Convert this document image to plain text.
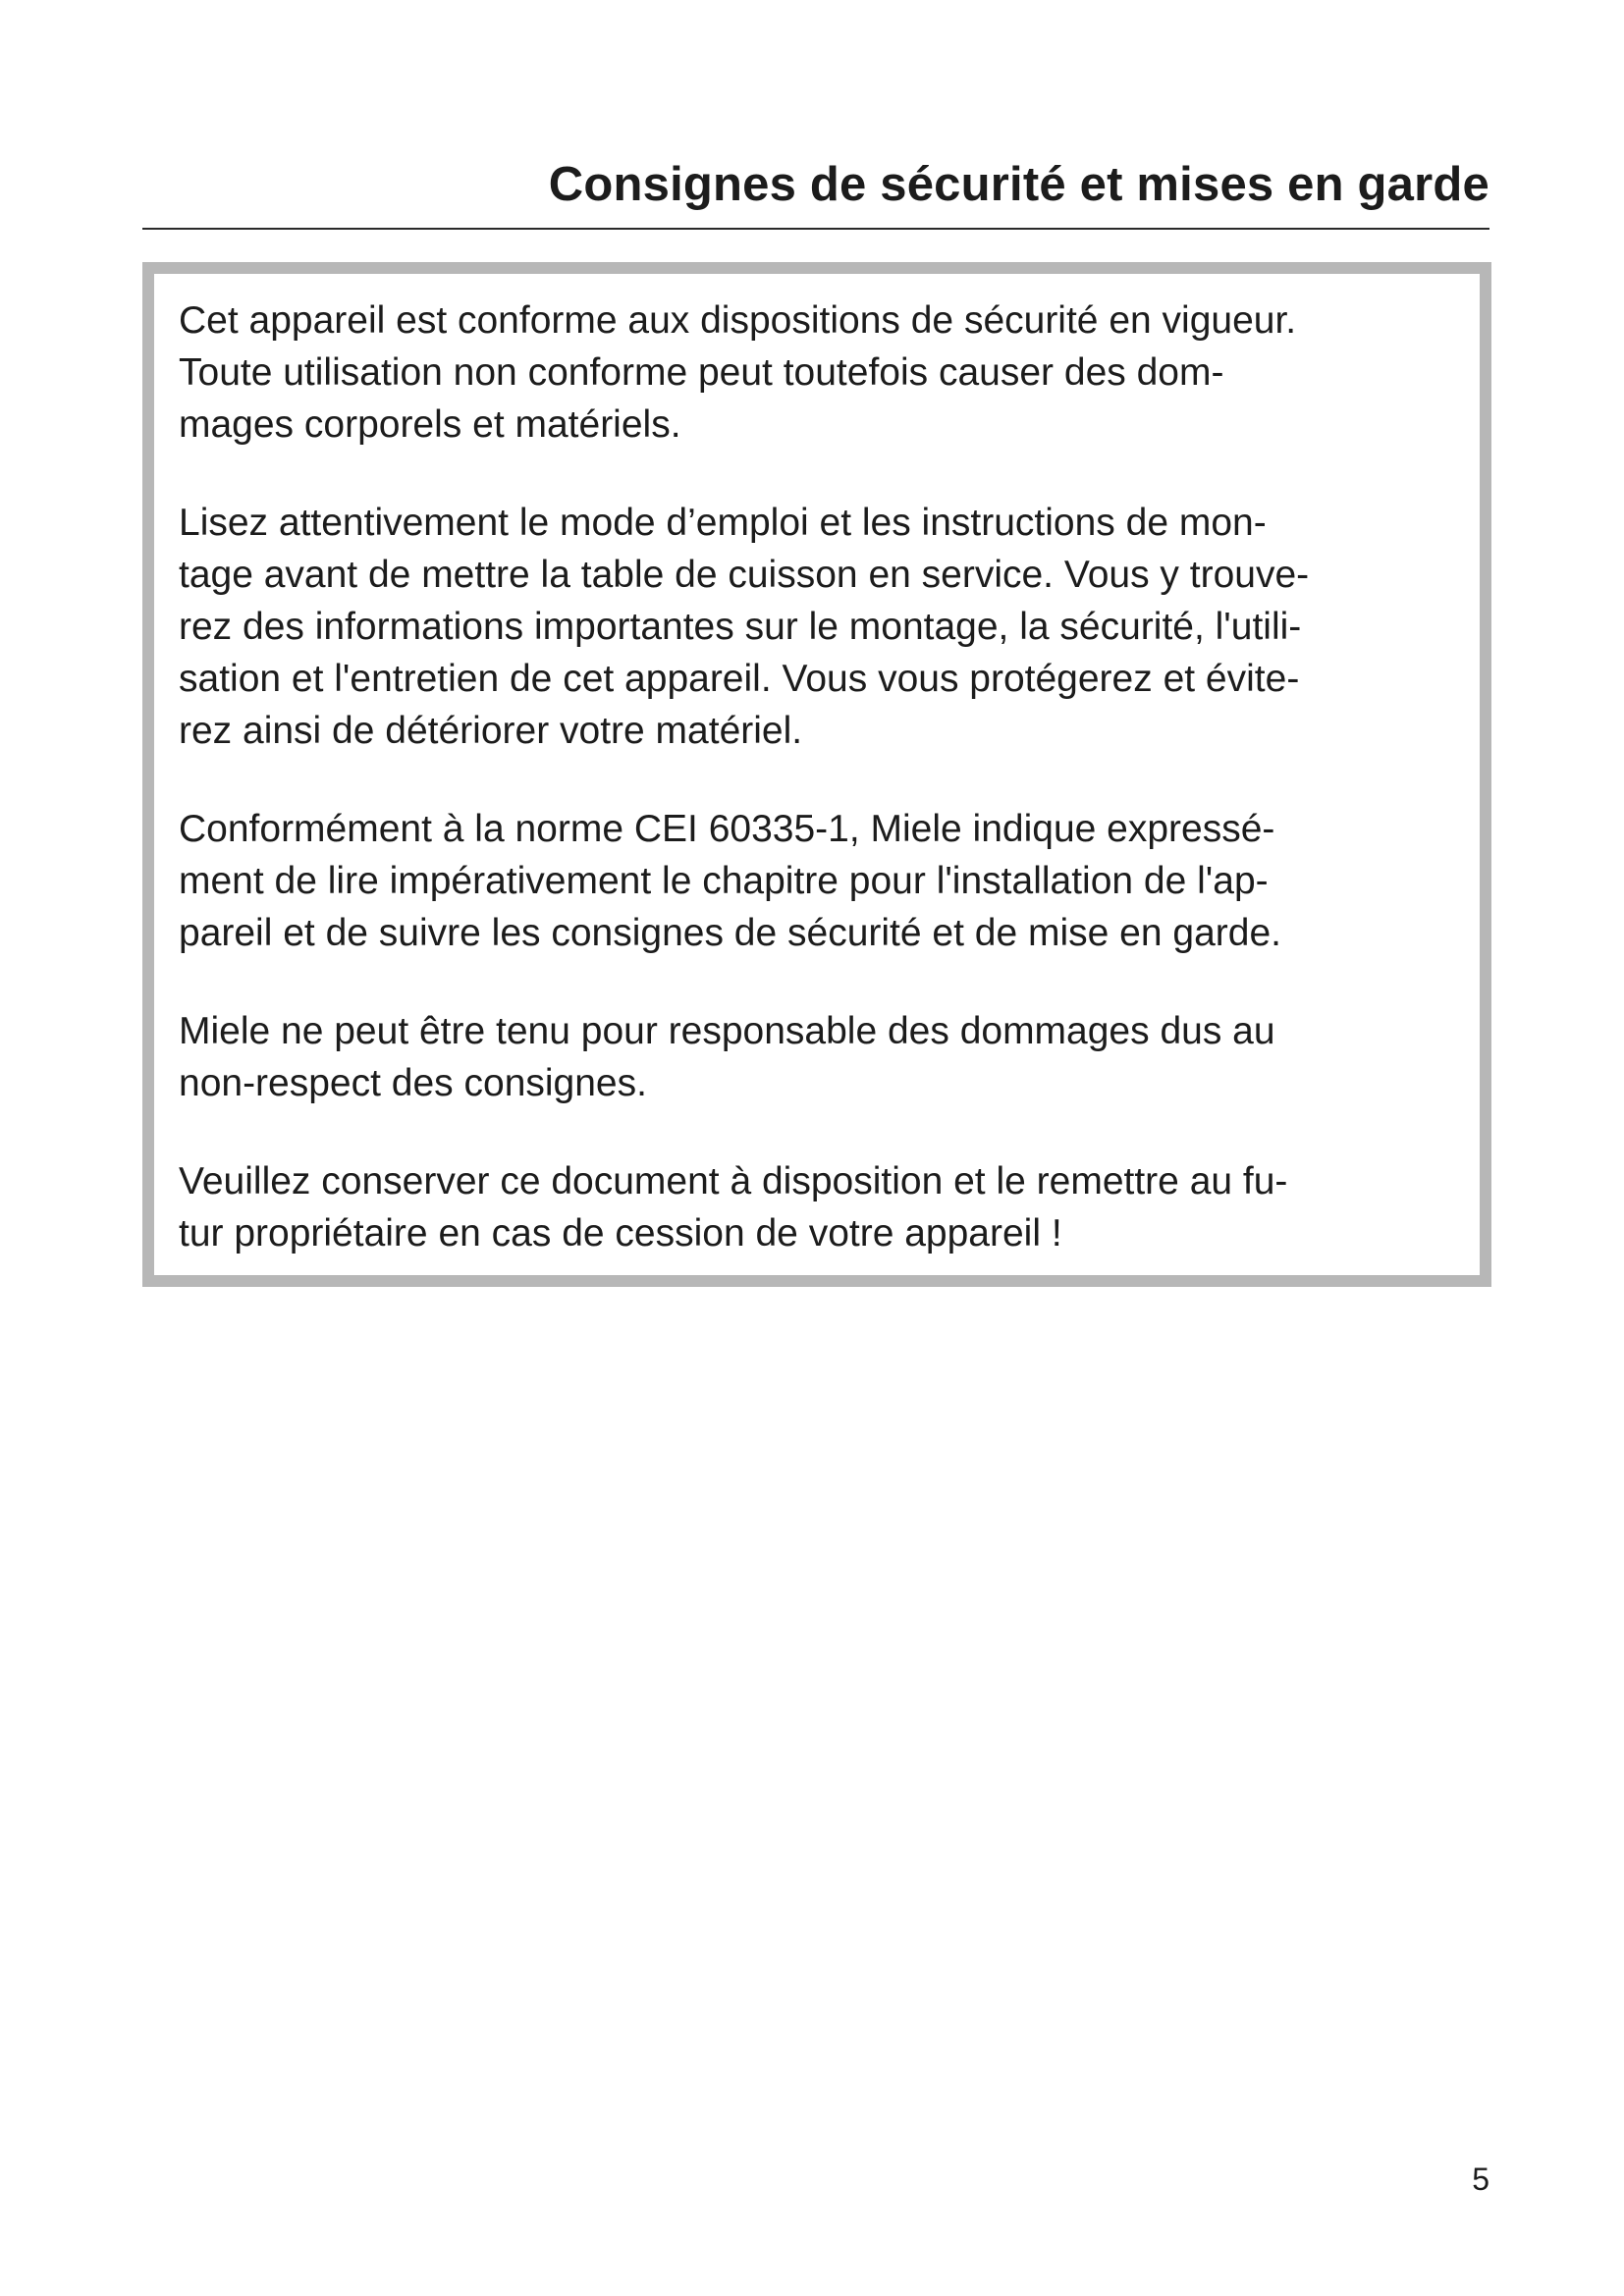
Consignes de sécurité et mises en garde

Cet appareil est conforme aux dispositions de sécurité en vigueur.
Toute utilisation non conforme peut toutefois causer des dom-
mages corporels et matériels.

Lisez attentivement le mode d’emploi et les instructions de mon-
tage avant de mettre la table de cuisson en service. Vous y trouve-
rez des informations importantes sur le montage, la sécurité, l'utili-
sation et l'entretien de cet appareil. Vous vous protégerez et évite-
rez ainsi de détériorer votre matériel.

Conformément à la norme CEI 60335-1, Miele indique expressé-
ment de lire impérativement le chapitre pour l'installation de l'ap-
pareil et de suivre les consignes de sécurité et de mise en garde.

Miele ne peut être tenu pour responsable des dommages dus au
non-respect des consignes.

Veuillez conserver ce document à disposition et le remettre au fu-
tur propriétaire en cas de cession de votre appareil !

5
